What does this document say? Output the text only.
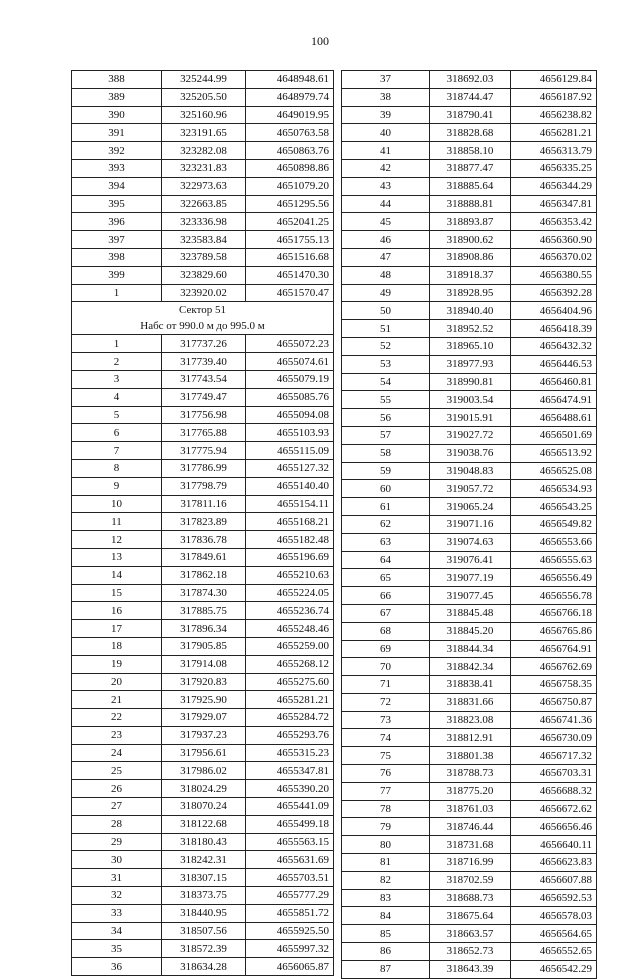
100
388	325244.99	4648948.61
389	325205.50	4648979.74
390	325160.96	4649019.95
391	323191.65	4650763.58
392	323282.08	4650863.76
393	323231.83	4650898.86
394	322973.63	4651079.20
395	322663.85	4651295.56
396	323336.98	4652041.25
397	323583.84	4651755.13
398	323789.58	4651516.68
399	323829.60	4651470.30
1	323920.02	4651570.47

Сектор 51
Набс от 990.0 м до 995.0 м		

1	317737.26	4655072.23
2	317739.40	4655074.61
3	317743.54	4655079.19
4	317749.47	4655085.76
5	317756.98	4655094.08
6	317765.88	4655103.93
7	317775.94	4655115.09
8	317786.99	4655127.32
9	317798.79	4655140.40
10	317811.16	4655154.11
11	317823.89	4655168.21
12	317836.78	4655182.48
13	317849.61	4655196.69
14	317862.18	4655210.63
15	317874.30	4655224.05
16	317885.75	4655236.74
17	317896.34	4655248.46
18	317905.85	4655259.00
19	317914.08	4655268.12
20	317920.83	4655275.60
21	317925.90	4655281.21
22	317929.07	4655284.72
23	317937.23	4655293.76
24	317956.61	4655315.23
25	317986.02	4655347.81
26	318024.29	4655390.20
27	318070.24	4655441.09
28	318122.68	4655499.18
29	318180.43	4655563.15
30	318242.31	4655631.69
31	318307.15	4655703.51
32	318373.75	4655777.29
33	318440.95	4655851.72
34	318507.56	4655925.50
35	318572.39	4655997.32
36	318634.28	4656065.87
37	318692.03	4656129.84
38	318744.47	4656187.92
39	318790.41	4656238.82
40	318828.68	4656281.21
41	318858.10	4656313.79
42	318877.47	4656335.25
43	318885.64	4656344.29
44	318888.81	4656347.81
45	318893.87	4656353.42
46	318900.62	4656360.90
47	318908.86	4656370.02
48	318918.37	4656380.55
49	318928.95	4656392.28
50	318940.40	4656404.96
51	318952.52	4656418.39
52	318965.10	4656432.32
53	318977.93	4656446.53
54	318990.81	4656460.81
55	319003.54	4656474.91
56	319015.91	4656488.61
57	319027.72	4656501.69
58	319038.76	4656513.92
59	319048.83	4656525.08
60	319057.72	4656534.93
61	319065.24	4656543.25
62	319071.16	4656549.82
63	319074.63	4656553.66
64	319076.41	4656555.63
65	319077.19	4656556.49
66	319077.45	4656556.78
67	318845.48	4656766.18
68	318845.20	4656765.86
69	318844.34	4656764.91
70	318842.34	4656762.69
71	318838.41	4656758.35
72	318831.66	4656750.87
73	318823.08	4656741.36
74	318812.91	4656730.09
75	318801.38	4656717.32
76	318788.73	4656703.31
77	318775.20	4656688.32
78	318761.03	4656672.62
79	318746.44	4656656.46
80	318731.68	4656640.11
81	318716.99	4656623.83
82	318702.59	4656607.88
83	318688.73	4656592.53
84	318675.64	4656578.03
85	318663.57	4656564.65
86	318652.73	4656552.65
87	318643.39	4656542.29
